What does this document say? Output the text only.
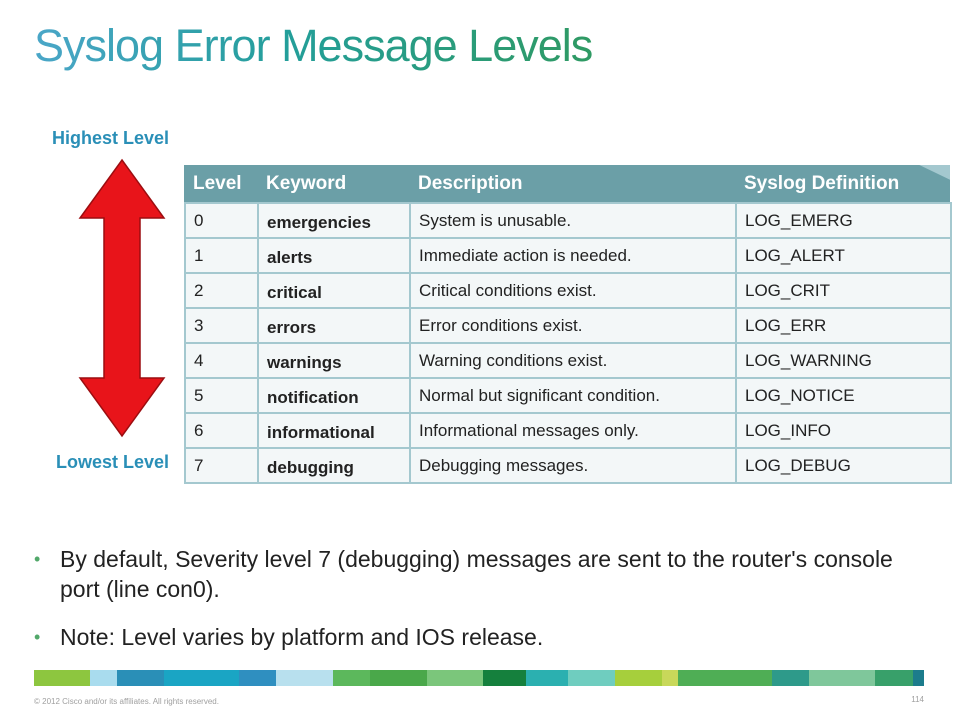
Syslog Error Message Levels
Highest Level
Lowest Level
Level	Keyword	Description	Syslog Definition
0	emergencies	System is unusable.	LOG_EMERG
1	alerts	Immediate action is needed.	LOG_ALERT
2	critical	Critical conditions exist.	LOG_CRIT
3	errors	Error conditions exist.	LOG_ERR
4	warnings	Warning conditions exist.	LOG_WARNING
5	notification	Normal but significant condition.	LOG_NOTICE
6	informational	Informational messages only.	LOG_INFO
7	debugging	Debugging messages.	LOG_DEBUG
• By default, Severity level 7 (debugging) messages are sent to the router's console port (line con0).
• Note: Level varies by platform and IOS release.
© 2012 Cisco and/or its affiliates. All rights reserved.	114
